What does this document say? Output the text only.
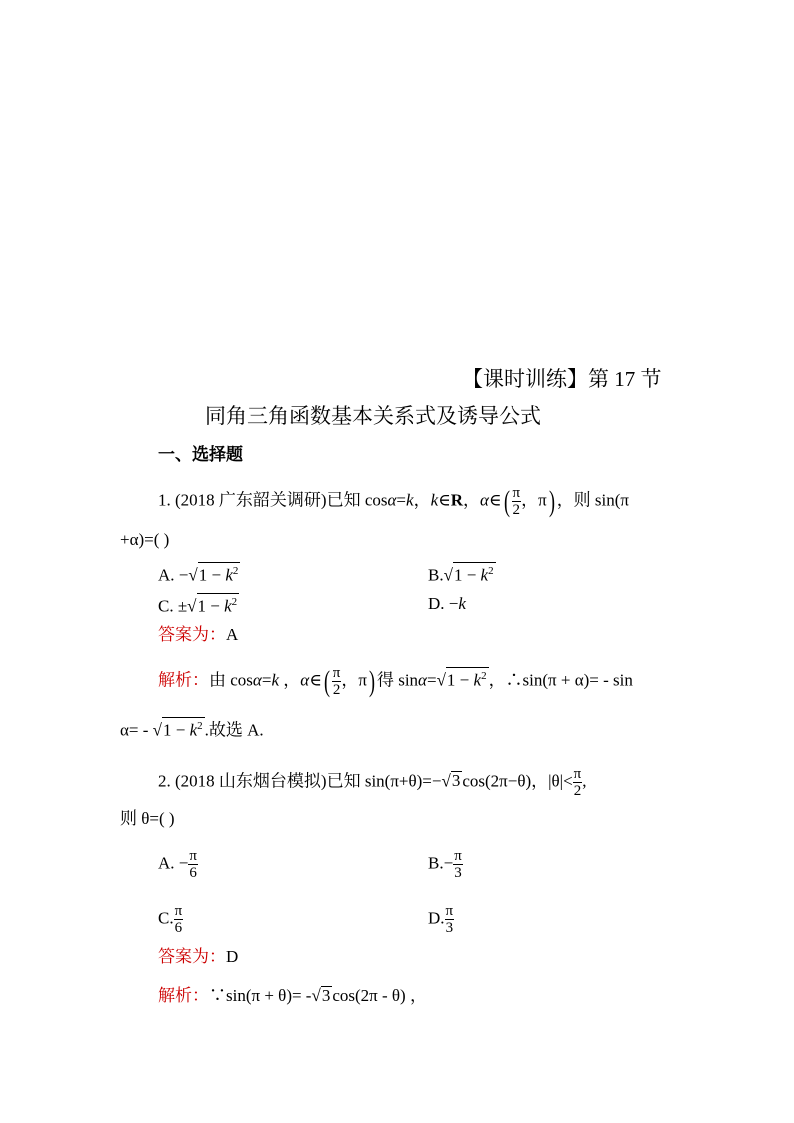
【课时训练】第 17 节
同角三角函数基本关系式及诱导公式
一、选择题
1. (2018 广东韶关调研)已知 cosα=k，k∈R，α∈( $\frac{\pi}{2}$ ，π) ，则 sin(π
+α)=( )
A. $-√1 - k^2$	$B.√1 - k^2$
C. $\pm√1 - k^2$	D. −k
答案为：A
解析：由 cosα=k ，α∈( $\frac{\pi}{2}$ ，π) 得 $\sin\alpha=√1 - k^2$ ，∴sin(π + α)= - sin
$\alpha= - √1 - k^2$ .故选 A.
2. (2018 山东烟台模拟)已知 sin(π+θ)=−√3 cos(2π−θ)，$|\theta|< \frac{\pi}{2}$ ,
则 θ=( )
A. − $\frac{\pi}{6}$	$B.- \frac{\pi}{3}$
C. $\frac{\pi}{6}$	D. $\frac{\pi}{3}$
答案为：D
解析：∵sin(π + θ)= -√3 cos(2π - θ) ，
